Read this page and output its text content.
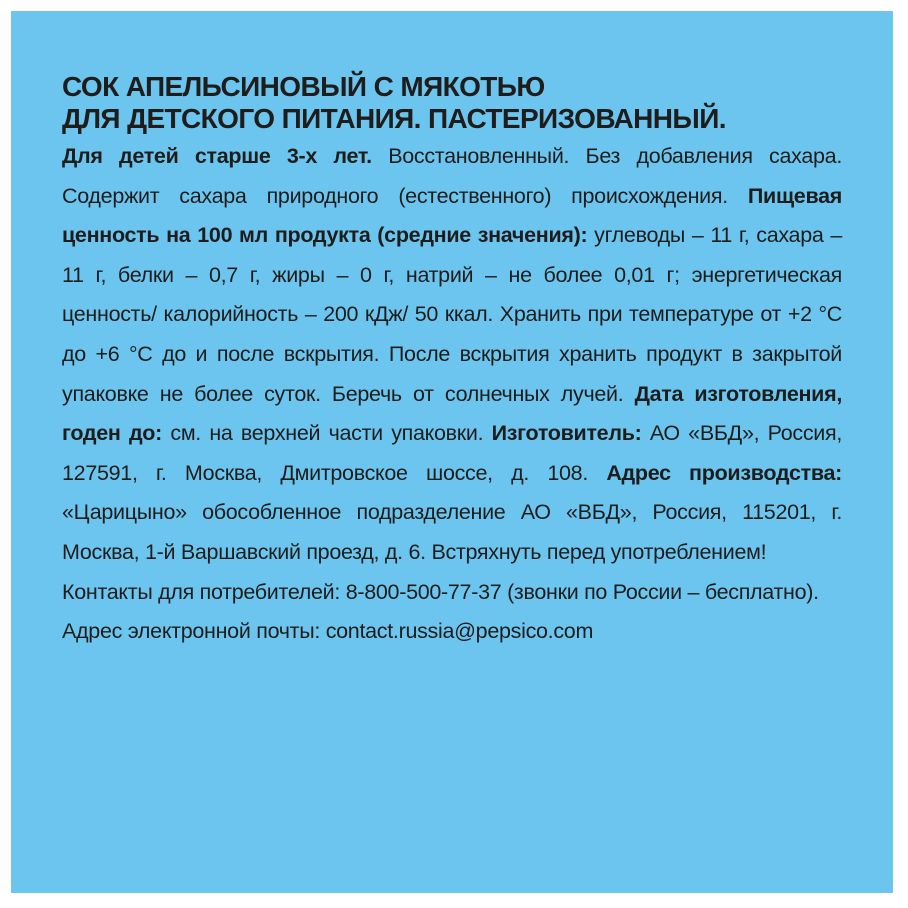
СОК АПЕЛЬСИНОВЫЙ С МЯКОТЬЮ
ДЛЯ ДЕТСКОГО ПИТАНИЯ. ПАСТЕРИЗОВАННЫЙ.

Для детей старше 3-х лет. Восстановленный. Без добавления сахара. Содержит сахара природного (естественного) происхождения. Пищевая ценность на 100 мл продукта (средние значения): углеводы – 11 г, сахара – 11 г, белки – 0,7 г, жиры – 0 г, натрий – не более 0,01 г; энергетическая ценность/ калорийность – 200 кДж/ 50 ккал. Хранить при температуре от +2 °С до +6 °С до и после вскрытия. После вскрытия хранить продукт в закрытой упаковке не более суток. Беречь от солнечных лучей. Дата изготовления, годен до: см. на верхней части упаковки. Изготовитель: АО «ВБД», Россия, 127591, г. Москва, Дмитровское шоссе, д. 108. Адрес производства: «Царицыно» обособленное подразделение АО «ВБД», Россия, 115201, г. Москва, 1-й Варшавский проезд, д. 6. Встряхнуть перед употреблением!

Контакты для потребителей: 8-800-500-77-37 (звонки по России – бесплатно).

Адрес электронной почты: contact.russia@pepsico.com
